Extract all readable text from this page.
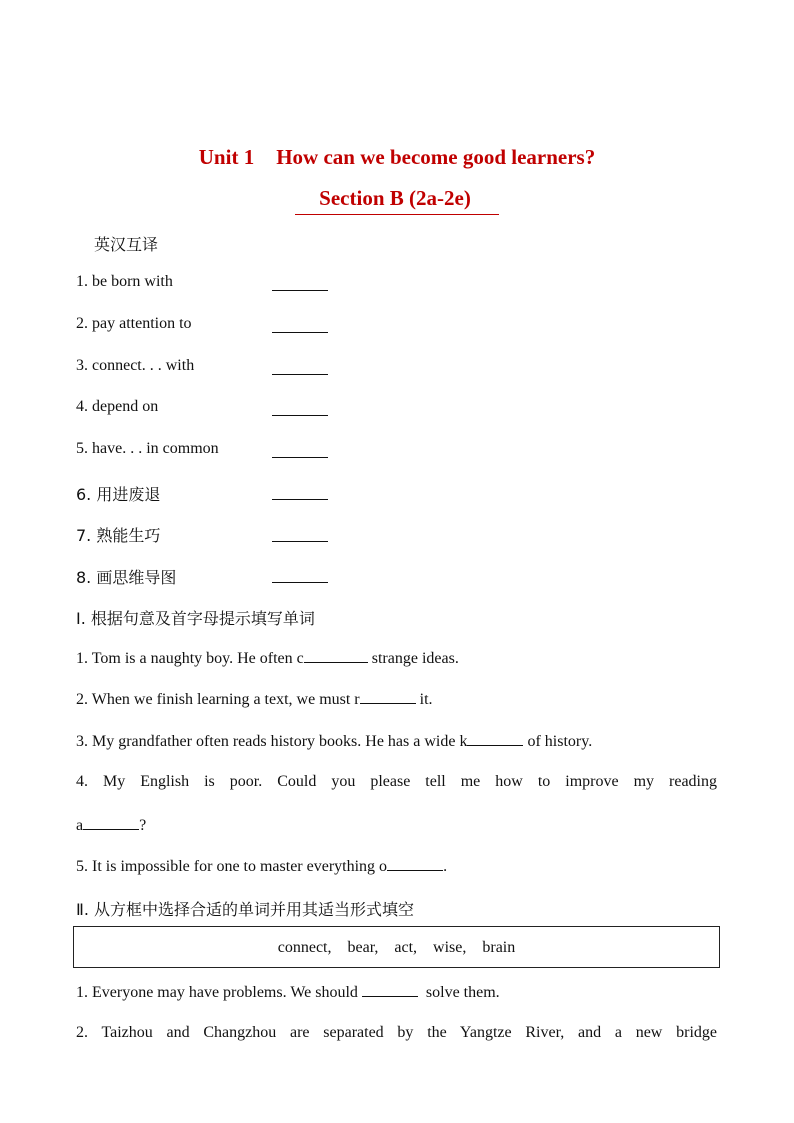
Unit 1 How can we become good learners?
Section B (2a-2e)
英汉互译
1. be born with
2. pay attention to
3. connect. . . with
4. depend on
5. have. . . in common
6. 用进废退
7. 熟能生巧
8. 画思维导图
Ⅰ. 根据句意及首字母提示填写单词
1. Tom is a naughty boy. He often c	strange ideas.
2. When we finish learning a text, we must r	it.
3. My grandfather often reads history books. He has a wide k	of history.
4. My English is poor. Could you please tell me how to improve my reading
a	?
5. It is impossible for one to master everything o	.
Ⅱ. 从方框中选择合适的单词并用其适当形式填空
connect,    bear,    act,    wise,    brain
1. Everyone may have problems. We should	solve them.
2. Taizhou and Changzhou are separated by the Yangtze River, and a new bridge
